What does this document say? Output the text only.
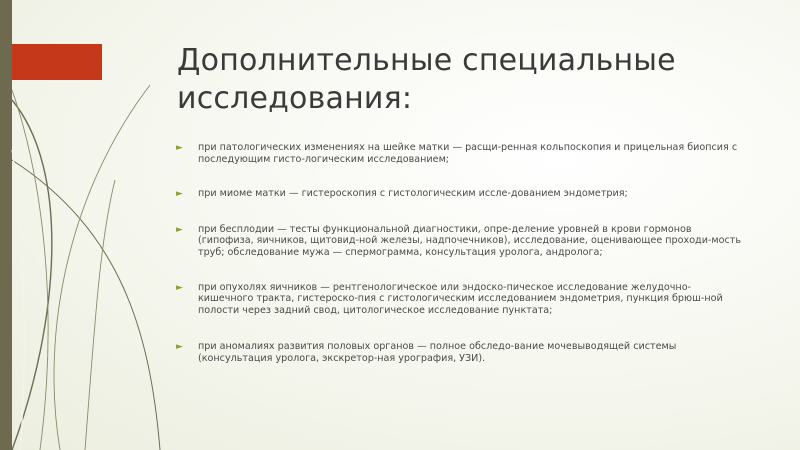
Дополнительные специальные исследования:
► при патологических изменениях на шейке матки — расщи-ренная кольпоскопия и прицельная биопсия с последующим гисто-логическим исследованием;
► при миоме матки — гистероскопия с гистологическим иссле-дованием эндометрия;
► при бесплодии — тесты функциональной диагностики, опре-деление уровней в крови гормонов (гипофиза, яичников, щитовид-ной железы, надпочечников), исследование, оценивающее проходи-мость труб; обследование мужа — спермограмма, консультация уролога, андролога;
► при опухолях яичников — рентгенологическое или эндоско-пическое исследование желудочно-кишечного тракта, гистероско-пия с гистологическим исследованием эндометрия, пункция брюш-ной полости через задний свод, цитологическое исследование пунктата;
► при аномалиях развития половых органов — полное обследо-вание мочевыводящей системы (консультация уролога, экскретор-ная урография, УЗИ).
